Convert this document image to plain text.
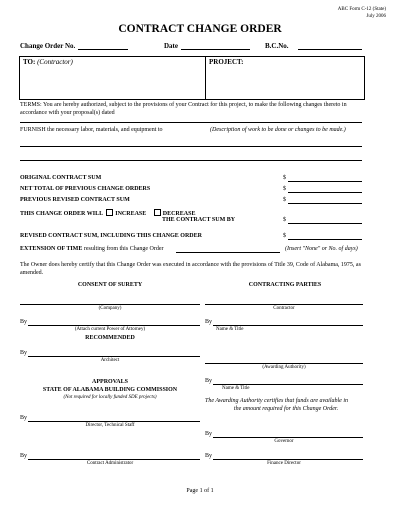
ABC Form C-12 (State)
July 2006
CONTRACT CHANGE ORDER
Change Order No.	Date	B.C.No.
TO: (Contractor)	PROJECT:
TERMS: You are hereby authorized, subject to the provisions of your Contract for this project, to make the following changes thereto in accordance with your proposal(s) dated
FURNISH the necessary labor, materials, and equipment to	(Description of work to be done or changes to be made.)
ORIGINAL CONTRACT SUM	$
NET TOTAL OF PREVIOUS CHANGE ORDERS	$
PREVIOUS REVISED CONTRACT SUM	$
THIS CHANGE ORDER WILL INCREASE	DECREASE
THE CONTRACT SUM BY	$
REVISED CONTRACT SUM, INCLUDING THIS CHANGE ORDER	$
EXTENSION OF TIME resulting from this Change Order	(Insert "None" or No. of days)
The Owner does hereby certify that this Change Order was executed in accordance with the provisions of Title 39, Code of Alabama, 1975, as amended.
CONSENT OF SURETY	CONTRACTING PARTIES
(Company)
By
(Attach current Power of Attorney)
RECOMMENDED
By
Architect
APPROVALS
STATE OF ALABAMA BUILDING COMMISSION
(Not required for locally funded SDE projects)
By
Director, Technical Staff
By
Contract Administrator
Contractor
By
Name & Title
(Awarding Authority)
By
Name & Title
The Awarding Authority certifies that funds are available in
the amount required for this Change Order.
By
Governor
By
Finance Director
Page 1 of 1
